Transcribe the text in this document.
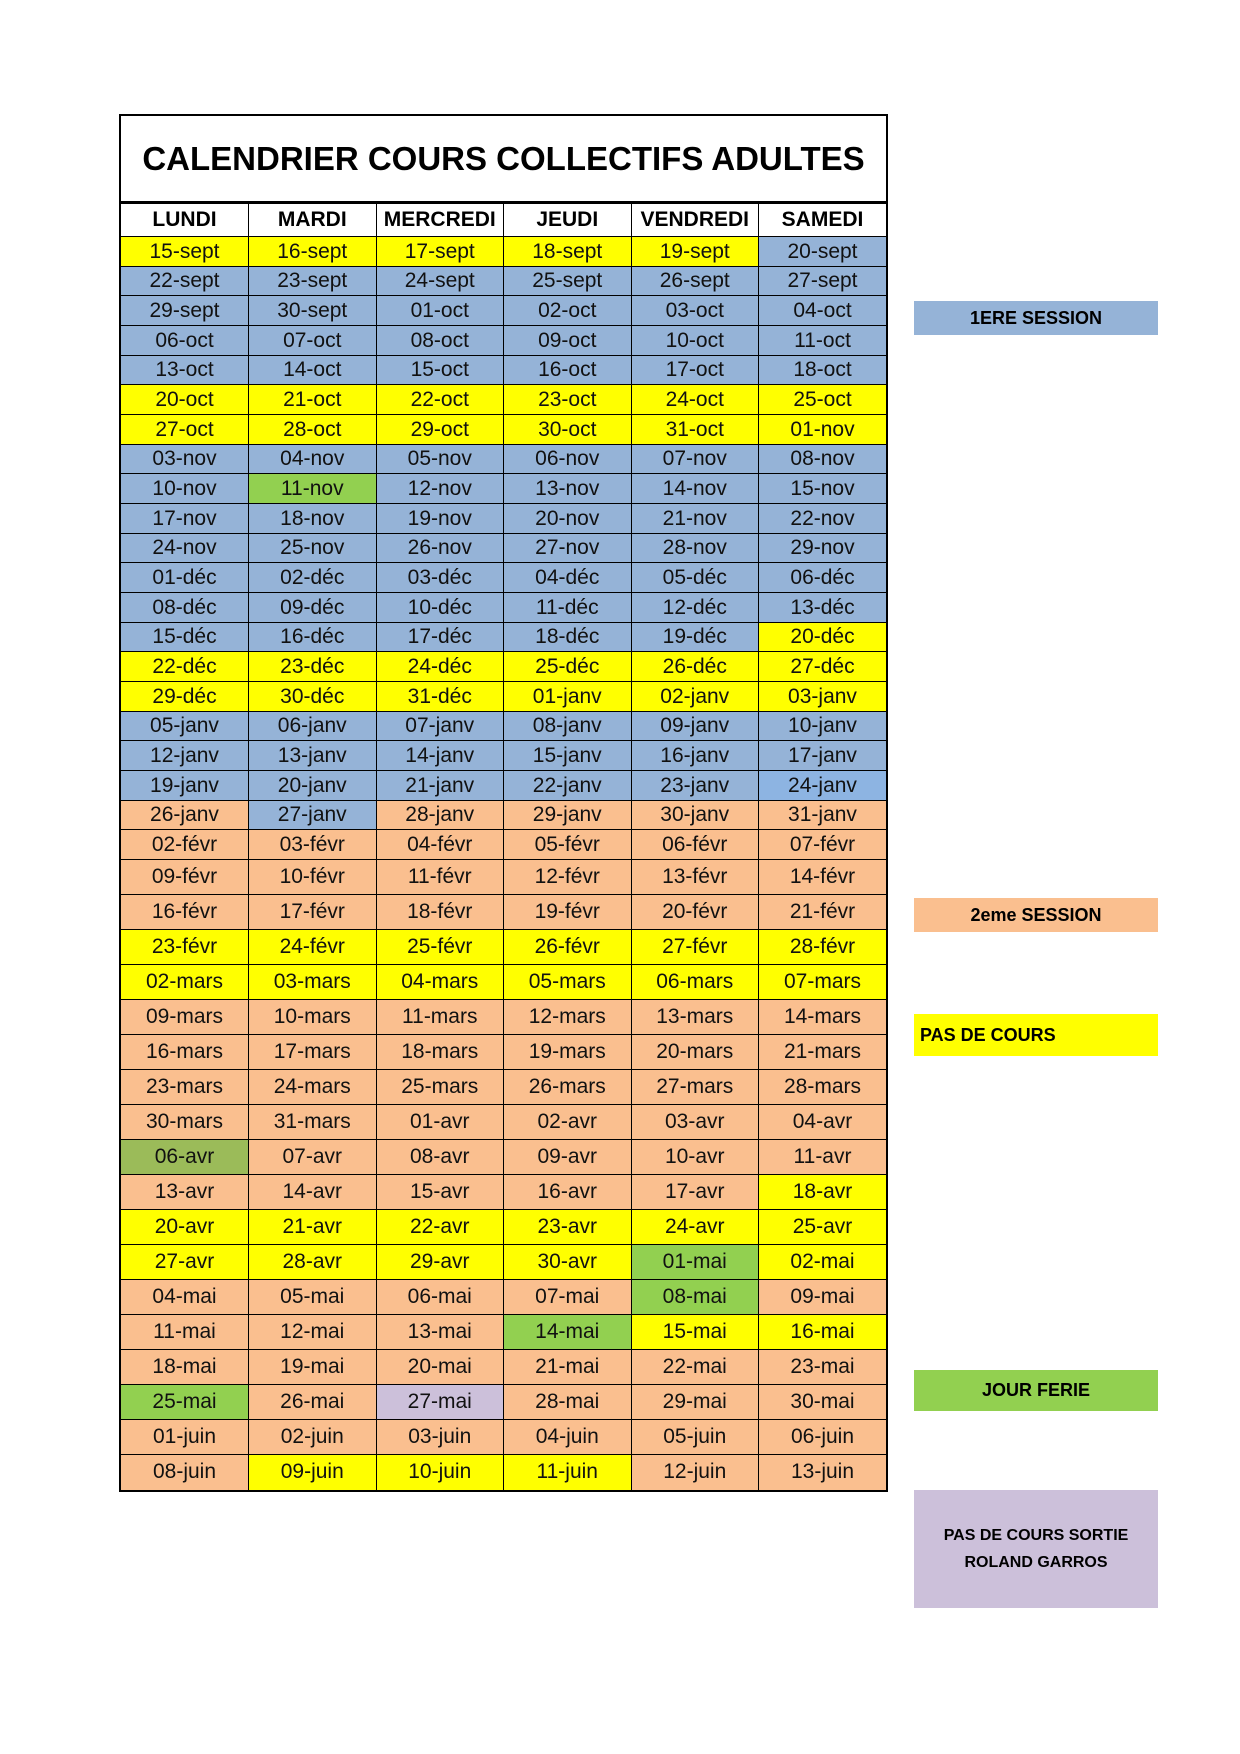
CALENDRIER COURS COLLECTIFS ADULTES
LUNDI	MARDI	MERCREDI	JEUDI	VENDREDI	SAMEDI
15-sept	16-sept	17-sept	18-sept	19-sept	20-sept
22-sept	23-sept	24-sept	25-sept	26-sept	27-sept
29-sept	30-sept	01-oct	02-oct	03-oct	04-oct
06-oct	07-oct	08-oct	09-oct	10-oct	11-oct
13-oct	14-oct	15-oct	16-oct	17-oct	18-oct
20-oct	21-oct	22-oct	23-oct	24-oct	25-oct
27-oct	28-oct	29-oct	30-oct	31-oct	01-nov
03-nov	04-nov	05-nov	06-nov	07-nov	08-nov
10-nov	11-nov	12-nov	13-nov	14-nov	15-nov
17-nov	18-nov	19-nov	20-nov	21-nov	22-nov
24-nov	25-nov	26-nov	27-nov	28-nov	29-nov
01-déc	02-déc	03-déc	04-déc	05-déc	06-déc
08-déc	09-déc	10-déc	11-déc	12-déc	13-déc
15-déc	16-déc	17-déc	18-déc	19-déc	20-déc
22-déc	23-déc	24-déc	25-déc	26-déc	27-déc
29-déc	30-déc	31-déc	01-janv	02-janv	03-janv
05-janv	06-janv	07-janv	08-janv	09-janv	10-janv
12-janv	13-janv	14-janv	15-janv	16-janv	17-janv
19-janv	20-janv	21-janv	22-janv	23-janv	24-janv
26-janv	27-janv	28-janv	29-janv	30-janv	31-janv
02-févr	03-févr	04-févr	05-févr	06-févr	07-févr
09-févr	10-févr	11-févr	12-févr	13-févr	14-févr
16-févr	17-févr	18-févr	19-févr	20-févr	21-févr
23-févr	24-févr	25-févr	26-févr	27-févr	28-févr
02-mars	03-mars	04-mars	05-mars	06-mars	07-mars
09-mars	10-mars	11-mars	12-mars	13-mars	14-mars
16-mars	17-mars	18-mars	19-mars	20-mars	21-mars
23-mars	24-mars	25-mars	26-mars	27-mars	28-mars
30-mars	31-mars	01-avr	02-avr	03-avr	04-avr
06-avr	07-avr	08-avr	09-avr	10-avr	11-avr
13-avr	14-avr	15-avr	16-avr	17-avr	18-avr
20-avr	21-avr	22-avr	23-avr	24-avr	25-avr
27-avr	28-avr	29-avr	30-avr	01-mai	02-mai
04-mai	05-mai	06-mai	07-mai	08-mai	09-mai
11-mai	12-mai	13-mai	14-mai	15-mai	16-mai
18-mai	19-mai	20-mai	21-mai	22-mai	23-mai
25-mai	26-mai	27-mai	28-mai	29-mai	30-mai
01-juin	02-juin	03-juin	04-juin	05-juin	06-juin
08-juin	09-juin	10-juin	11-juin	12-juin	13-juin
1ERE SESSION
2eme SESSION
PAS DE COURS
JOUR FERIE
PAS DE COURS SORTIE
ROLAND GARROS
